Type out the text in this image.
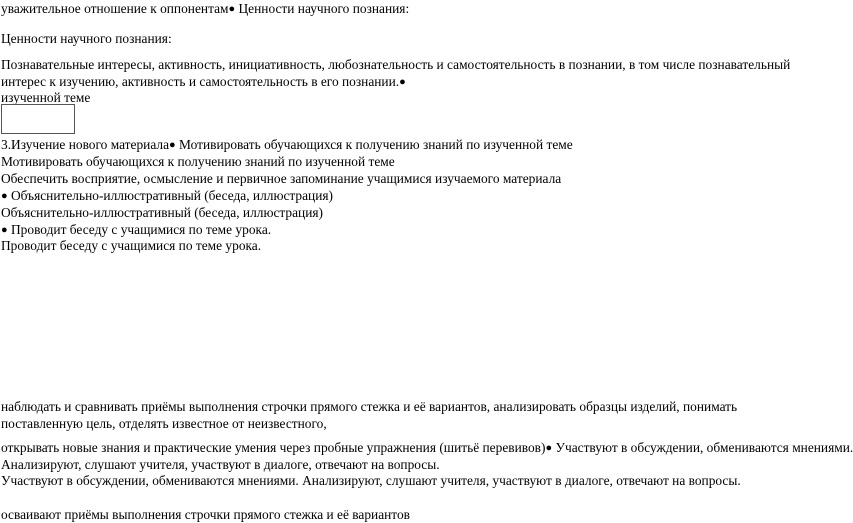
уважительное отношение к оппонентам● Ценности научного познания:
Ценности научного познания:
Познавательные интересы, активность, инициативность, любознательность и самостоятельность в познании, в том числе познавательный интерес к изучению, активность и самостоятельность в его познании.●
изученной теме
3.Изучение нового материала● Мотивировать обучающихся к получению знаний по изученной теме
Мотивировать обучающихся к получению знаний по изученной теме
Обеспечить восприятие, осмысление и первичное запоминание учащимися изучаемого материала
● Объяснительно-иллюстративный (беседа, иллюстрация)
Объяснительно-иллюстративный (беседа, иллюстрация)
● Проводит беседу с учащимися по теме урока.
Проводит беседу с учащимися по теме урока.
наблюдать и сравнивать приёмы выполнения строчки прямого стежка и её вариантов, анализировать образцы изделий, понимать поставленную цель, отделять известное от неизвестного,
открывать новые знания и практические умения через пробные упражнения (шитьё перевивов)● Участвуют в обсуждении, обмениваются мнениями.
Анализируют, слушают учителя, участвуют в диалоге, отвечают на вопросы.
Участвуют в обсуждении, обмениваются мнениями. Анализируют, слушают учителя, участвуют в диалоге, отвечают на вопросы.
осваивают приёмы выполнения строчки прямого стежка и её вариантов
